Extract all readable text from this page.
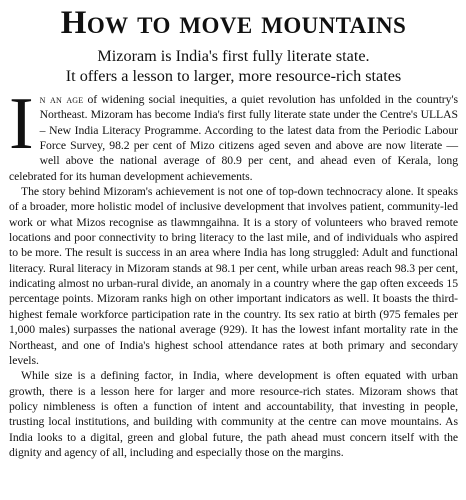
How to move mountains
Mizoram is India's first fully literate state.
It offers a lesson to larger, more resource-rich states

In an age of widening social inequities, a quiet revolution has unfolded in the country's Northeast. Mizoram has become India's first fully literate state under the Centre's ULLAS – New India Literacy Programme. According to the latest data from the Periodic Labour Force Survey, 98.2 per cent of Mizo citizens aged seven and above are now literate — well above the national average of 80.9 per cent, and ahead even of Kerala, long celebrated for its human development achievements.

The story behind Mizoram's achievement is not one of top-down technocracy alone. It speaks of a broader, more holistic model of inclusive development that involves patient, community-led work or what Mizos recognise as tlawmngaihna. It is a story of volunteers who braved remote locations and poor connectivity to bring literacy to the last mile, and of individuals who aspired to be more. The result is success in an area where India has long struggled: Adult and functional literacy. Rural literacy in Mizoram stands at 98.1 per cent, while urban areas reach 98.3 per cent, indicating almost no urban-rural divide, an anomaly in a country where the gap often exceeds 15 percentage points. Mizoram ranks high on other important indicators as well. It boasts the third-highest female workforce participation rate in the country. Its sex ratio at birth (975 females per 1,000 males) surpasses the national average (929). It has the lowest infant mortality rate in the Northeast, and one of India's highest school attendance rates at both primary and secondary levels.

While size is a defining factor, in India, where development is often equated with urban growth, there is a lesson here for larger and more resource-rich states. Mizoram shows that policy nimbleness is often a function of intent and accountability, that investing in people, trusting local institutions, and building with community at the centre can move mountains. As India looks to a digital, green and global future, the path ahead must concern itself with the dignity and agency of all, including and especially those on the margins.
